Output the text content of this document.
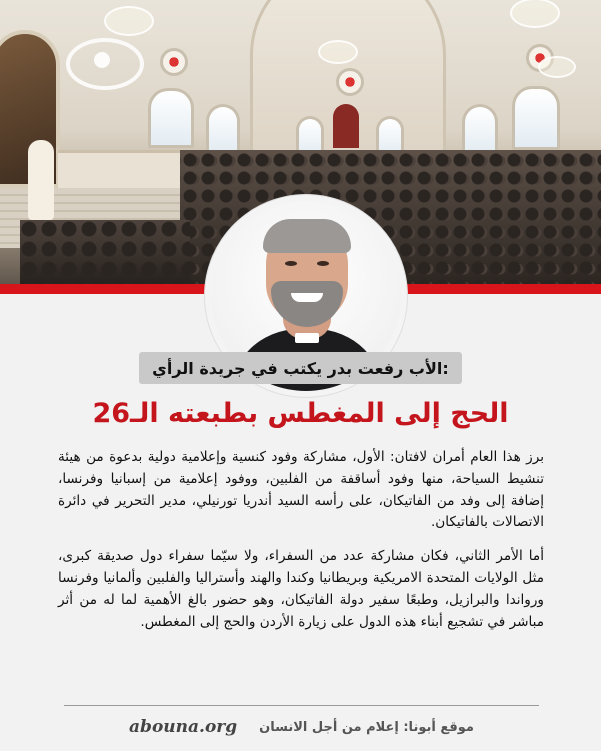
الأب رفعت بدر يكتب في جريدة الرأي:
الحج إلى المغطس بطبعته الـ26

برز هذا العام أمران لافتان: الأول، مشاركة وفود كنسية وإعلامية دولية بدعوة من هيئة تنشيط السياحة، منها وفود أساقفة من الفلبين، ووفود إعلامية من إسبانيا وفرنسا، إضافة إلى وفد من الفاتيكان، على رأسه السيد أندريا تورنيلي، مدير التحرير في دائرة الاتصالات بالفاتيكان.

أما الأمر الثاني، فكان مشاركة عدد من السفراء، ولا سيّما سفراء دول صديقة كبرى، مثل الولايات المتحدة الامريكية وبريطانيا وكندا والهند وأستراليا والفلبين وألمانيا وفرنسا ورواندا والبرازيل، وطبعًا سفير دولة الفاتيكان، وهو حضور بالغ الأهمية لما له من أثر مباشر في تشجيع أبناء هذه الدول على زيارة الأردن والحج إلى المغطس.

abouna.org موقع أبونا: إعلام من أجل الانسان
